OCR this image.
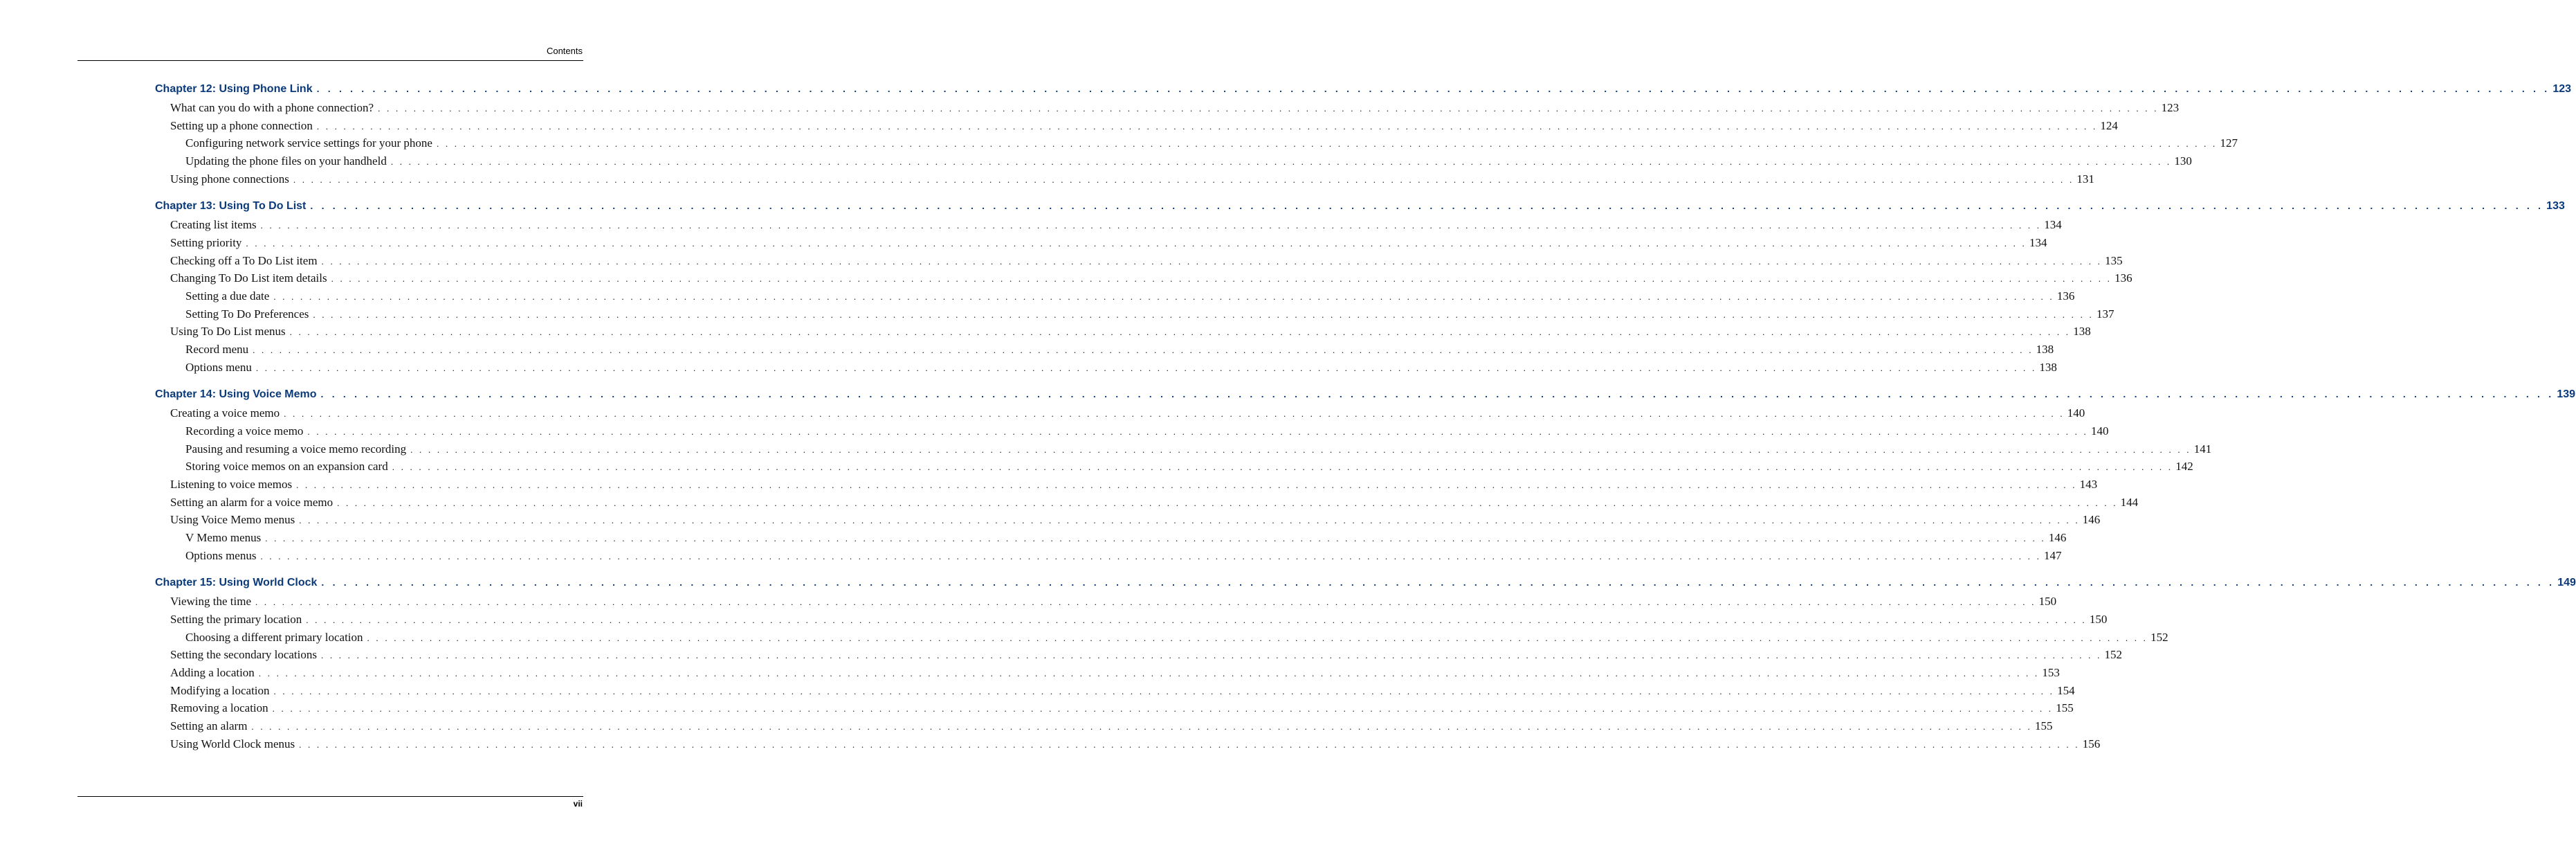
Contents
Chapter 12: Using Phone Link . . . . . . . . . . . . . . . . . . . . . . . . . . . . . . . . . . . . . . . . . . . . . . . . . . . . . . . . . . . . . . . . . . . . . . . . . . . . . . . . . . . . . . . . . . . . . . . . . . . . . . . . . . . . . . . . . . . . . . . . . . . . . . . . . . . . . . . . . . . . . . . . . . . . . . . . . . . . . . . . . . . . . . . . . . . . . . . . . . . . . . . . . . . . . . . . . . . . . . . . 123
What can you do with a phone connection? . . . . . . . . . . . . . . . . . . . . . . . . . . . . . . . . . . . . . . . . . . . . . . . . . . . . . . . . . . . . . . . . . . . . . . . . . . . . . . . . . . . . . . . . . . . . . . . . . . . . . . . . . . . . . . . . . . . . . . . . . . . . . . . . . . . . . . . . . . . . . . . . . . . . . . . . . . . . . . . . . . . . . . . . . . . . . . . . . . . . . . . . . . . . . . . . . . . . . . . . 123
Setting up a phone connection . . . . . . . . . . . . . . . . . . . . . . . . . . . . . . . . . . . . . . . . . . . . . . . . . . . . . . . . . . . . . . . . . . . . . . . . . . . . . . . . . . . . . . . . . . . . . . . . . . . . . . . . . . . . . . . . . . . . . . . . . . . . . . . . . . . . . . . . . . . . . . . . . . . . . . . . . . . . . . . . . . . . . . . . . . . . . . . . . . . . . . . . . . . . . . . . . . . . . . . . 124
Configuring network service settings for your phone . . . . . . . . . . . . . . . . . . . . . . . . . . . . . . . . . . . . . . . . . . . . . . . . . . . . . . . . . . . . . . . . . . . . . . . . . . . . . . . . . . . . . . . . . . . . . . . . . . . . . . . . . . . . . . . . . . . . . . . . . . . . . . . . . . . . . . . . . . . . . . . . . . . . . . . . . . . . . . . . . . . . . . . . . . . . . . . . . . . . . . . . . . . . . . . . . . . . . . . . 127
Updating the phone files on your handheld . . . . . . . . . . . . . . . . . . . . . . . . . . . . . . . . . . . . . . . . . . . . . . . . . . . . . . . . . . . . . . . . . . . . . . . . . . . . . . . . . . . . . . . . . . . . . . . . . . . . . . . . . . . . . . . . . . . . . . . . . . . . . . . . . . . . . . . . . . . . . . . . . . . . . . . . . . . . . . . . . . . . . . . . . . . . . . . . . . . . . . . . . . . . . . . . . . . . . . . . 130
Using phone connections . . . . . . . . . . . . . . . . . . . . . . . . . . . . . . . . . . . . . . . . . . . . . . . . . . . . . . . . . . . . . . . . . . . . . . . . . . . . . . . . . . . . . . . . . . . . . . . . . . . . . . . . . . . . . . . . . . . . . . . . . . . . . . . . . . . . . . . . . . . . . . . . . . . . . . . . . . . . . . . . . . . . . . . . . . . . . . . . . . . . . . . . . . . . . . . . . . . . . . . . 131
Chapter 13: Using To Do List . . . . . . . . . . . . . . . . . . . . . . . . . . . . . . . . . . . . . . . . . . . . . . . . . . . . . . . . . . . . . . . . . . . . . . . . . . . . . . . . . . . . . . . . . . . . . . . . . . . . . . . . . . . . . . . . . . . . . . . . . . . . . . . . . . . . . . . . . . . . . . . . . . . . . . . . . . . . . . . . . . . . . . . . . . . . . . . . . . . . . . . . . . . . . . . . . . . . . . . . 133
Creating list items . . . . . . . . . . . . . . . . . . . . . . . . . . . . . . . . . . . . . . . . . . . . . . . . . . . . . . . . . . . . . . . . . . . . . . . . . . . . . . . . . . . . . . . . . . . . . . . . . . . . . . . . . . . . . . . . . . . . . . . . . . . . . . . . . . . . . . . . . . . . . . . . . . . . . . . . . . . . . . . . . . . . . . . . . . . . . . . . . . . . . . . . . . . . . . . . . . . . . . . . 134
Setting priority . . . . . . . . . . . . . . . . . . . . . . . . . . . . . . . . . . . . . . . . . . . . . . . . . . . . . . . . . . . . . . . . . . . . . . . . . . . . . . . . . . . . . . . . . . . . . . . . . . . . . . . . . . . . . . . . . . . . . . . . . . . . . . . . . . . . . . . . . . . . . . . . . . . . . . . . . . . . . . . . . . . . . . . . . . . . . . . . . . . . . . . . . . . . . . . . . . . . . . . . 134
Checking off a To Do List item . . . . . . . . . . . . . . . . . . . . . . . . . . . . . . . . . . . . . . . . . . . . . . . . . . . . . . . . . . . . . . . . . . . . . . . . . . . . . . . . . . . . . . . . . . . . . . . . . . . . . . . . . . . . . . . . . . . . . . . . . . . . . . . . . . . . . . . . . . . . . . . . . . . . . . . . . . . . . . . . . . . . . . . . . . . . . . . . . . . . . . . . . . . . . . . . . . . . . . . . 135
Changing To Do List item details . . . . . . . . . . . . . . . . . . . . . . . . . . . . . . . . . . . . . . . . . . . . . . . . . . . . . . . . . . . . . . . . . . . . . . . . . . . . . . . . . . . . . . . . . . . . . . . . . . . . . . . . . . . . . . . . . . . . . . . . . . . . . . . . . . . . . . . . . . . . . . . . . . . . . . . . . . . . . . . . . . . . . . . . . . . . . . . . . . . . . . . . . . . . . . . . . . . . . . . . 136
Setting a due date . . . . . . . . . . . . . . . . . . . . . . . . . . . . . . . . . . . . . . . . . . . . . . . . . . . . . . . . . . . . . . . . . . . . . . . . . . . . . . . . . . . . . . . . . . . . . . . . . . . . . . . . . . . . . . . . . . . . . . . . . . . . . . . . . . . . . . . . . . . . . . . . . . . . . . . . . . . . . . . . . . . . . . . . . . . . . . . . . . . . . . . . . . . . . . . . . . . . . . . . 136
Setting To Do Preferences . . . . . . . . . . . . . . . . . . . . . . . . . . . . . . . . . . . . . . . . . . . . . . . . . . . . . . . . . . . . . . . . . . . . . . . . . . . . . . . . . . . . . . . . . . . . . . . . . . . . . . . . . . . . . . . . . . . . . . . . . . . . . . . . . . . . . . . . . . . . . . . . . . . . . . . . . . . . . . . . . . . . . . . . . . . . . . . . . . . . . . . . . . . . . . . . . . . . . . . . 137
Using To Do List menus . . . . . . . . . . . . . . . . . . . . . . . . . . . . . . . . . . . . . . . . . . . . . . . . . . . . . . . . . . . . . . . . . . . . . . . . . . . . . . . . . . . . . . . . . . . . . . . . . . . . . . . . . . . . . . . . . . . . . . . . . . . . . . . . . . . . . . . . . . . . . . . . . . . . . . . . . . . . . . . . . . . . . . . . . . . . . . . . . . . . . . . . . . . . . . . . . . . . . . . . 138
Record menu . . . . . . . . . . . . . . . . . . . . . . . . . . . . . . . . . . . . . . . . . . . . . . . . . . . . . . . . . . . . . . . . . . . . . . . . . . . . . . . . . . . . . . . . . . . . . . . . . . . . . . . . . . . . . . . . . . . . . . . . . . . . . . . . . . . . . . . . . . . . . . . . . . . . . . . . . . . . . . . . . . . . . . . . . . . . . . . . . . . . . . . . . . . . . . . . . . . . . . . . 138
Options menu . . . . . . . . . . . . . . . . . . . . . . . . . . . . . . . . . . . . . . . . . . . . . . . . . . . . . . . . . . . . . . . . . . . . . . . . . . . . . . . . . . . . . . . . . . . . . . . . . . . . . . . . . . . . . . . . . . . . . . . . . . . . . . . . . . . . . . . . . . . . . . . . . . . . . . . . . . . . . . . . . . . . . . . . . . . . . . . . . . . . . . . . . . . . . . . . . . . . . . . . 138
Chapter 14: Using Voice Memo . . . . . . . . . . . . . . . . . . . . . . . . . . . . . . . . . . . . . . . . . . . . . . . . . . . . . . . . . . . . . . . . . . . . . . . . . . . . . . . . . . . . . . . . . . . . . . . . . . . . . . . . . . . . . . . . . . . . . . . . . . . . . . . . . . . . . . . . . . . . . . . . . . . . . . . . . . . . . . . . . . . . . . . . . . . . . . . . . . . . . . . . . . . . . . . . . . . . . . . . 139
Creating a voice memo . . . . . . . . . . . . . . . . . . . . . . . . . . . . . . . . . . . . . . . . . . . . . . . . . . . . . . . . . . . . . . . . . . . . . . . . . . . . . . . . . . . . . . . . . . . . . . . . . . . . . . . . . . . . . . . . . . . . . . . . . . . . . . . . . . . . . . . . . . . . . . . . . . . . . . . . . . . . . . . . . . . . . . . . . . . . . . . . . . . . . . . . . . . . . . . . . . . . . . . . 140
Recording a voice memo . . . . . . . . . . . . . . . . . . . . . . . . . . . . . . . . . . . . . . . . . . . . . . . . . . . . . . . . . . . . . . . . . . . . . . . . . . . . . . . . . . . . . . . . . . . . . . . . . . . . . . . . . . . . . . . . . . . . . . . . . . . . . . . . . . . . . . . . . . . . . . . . . . . . . . . . . . . . . . . . . . . . . . . . . . . . . . . . . . . . . . . . . . . . . . . . . . . . . . . . 140
Pausing and resuming a voice memo recording . . . . . . . . . . . . . . . . . . . . . . . . . . . . . . . . . . . . . . . . . . . . . . . . . . . . . . . . . . . . . . . . . . . . . . . . . . . . . . . . . . . . . . . . . . . . . . . . . . . . . . . . . . . . . . . . . . . . . . . . . . . . . . . . . . . . . . . . . . . . . . . . . . . . . . . . . . . . . . . . . . . . . . . . . . . . . . . . . . . . . . . . . . . . . . . . . . . . . . . . 141
Storing voice memos on an expansion card . . . . . . . . . . . . . . . . . . . . . . . . . . . . . . . . . . . . . . . . . . . . . . . . . . . . . . . . . . . . . . . . . . . . . . . . . . . . . . . . . . . . . . . . . . . . . . . . . . . . . . . . . . . . . . . . . . . . . . . . . . . . . . . . . . . . . . . . . . . . . . . . . . . . . . . . . . . . . . . . . . . . . . . . . . . . . . . . . . . . . . . . . . . . . . . . . . . . . . . . 142
Listening to voice memos . . . . . . . . . . . . . . . . . . . . . . . . . . . . . . . . . . . . . . . . . . . . . . . . . . . . . . . . . . . . . . . . . . . . . . . . . . . . . . . . . . . . . . . . . . . . . . . . . . . . . . . . . . . . . . . . . . . . . . . . . . . . . . . . . . . . . . . . . . . . . . . . . . . . . . . . . . . . . . . . . . . . . . . . . . . . . . . . . . . . . . . . . . . . . . . . . . . . . . . . 143
Setting an alarm for a voice memo . . . . . . . . . . . . . . . . . . . . . . . . . . . . . . . . . . . . . . . . . . . . . . . . . . . . . . . . . . . . . . . . . . . . . . . . . . . . . . . . . . . . . . . . . . . . . . . . . . . . . . . . . . . . . . . . . . . . . . . . . . . . . . . . . . . . . . . . . . . . . . . . . . . . . . . . . . . . . . . . . . . . . . . . . . . . . . . . . . . . . . . . . . . . . . . . . . . . . . . . 144
Using Voice Memo menus . . . . . . . . . . . . . . . . . . . . . . . . . . . . . . . . . . . . . . . . . . . . . . . . . . . . . . . . . . . . . . . . . . . . . . . . . . . . . . . . . . . . . . . . . . . . . . . . . . . . . . . . . . . . . . . . . . . . . . . . . . . . . . . . . . . . . . . . . . . . . . . . . . . . . . . . . . . . . . . . . . . . . . . . . . . . . . . . . . . . . . . . . . . . . . . . . . . . . . . . 146
V Memo menus . . . . . . . . . . . . . . . . . . . . . . . . . . . . . . . . . . . . . . . . . . . . . . . . . . . . . . . . . . . . . . . . . . . . . . . . . . . . . . . . . . . . . . . . . . . . . . . . . . . . . . . . . . . . . . . . . . . . . . . . . . . . . . . . . . . . . . . . . . . . . . . . . . . . . . . . . . . . . . . . . . . . . . . . . . . . . . . . . . . . . . . . . . . . . . . . . . . . . . . . 146
Options menus . . . . . . . . . . . . . . . . . . . . . . . . . . . . . . . . . . . . . . . . . . . . . . . . . . . . . . . . . . . . . . . . . . . . . . . . . . . . . . . . . . . . . . . . . . . . . . . . . . . . . . . . . . . . . . . . . . . . . . . . . . . . . . . . . . . . . . . . . . . . . . . . . . . . . . . . . . . . . . . . . . . . . . . . . . . . . . . . . . . . . . . . . . . . . . . . . . . . . . . . 147
Chapter 15: Using World Clock . . . . . . . . . . . . . . . . . . . . . . . . . . . . . . . . . . . . . . . . . . . . . . . . . . . . . . . . . . . . . . . . . . . . . . . . . . . . . . . . . . . . . . . . . . . . . . . . . . . . . . . . . . . . . . . . . . . . . . . . . . . . . . . . . . . . . . . . . . . . . . . . . . . . . . . . . . . . . . . . . . . . . . . . . . . . . . . . . . . . . . . . . . . . . . . . . . . . . . . . 149
Viewing the time . . . . . . . . . . . . . . . . . . . . . . . . . . . . . . . . . . . . . . . . . . . . . . . . . . . . . . . . . . . . . . . . . . . . . . . . . . . . . . . . . . . . . . . . . . . . . . . . . . . . . . . . . . . . . . . . . . . . . . . . . . . . . . . . . . . . . . . . . . . . . . . . . . . . . . . . . . . . . . . . . . . . . . . . . . . . . . . . . . . . . . . . . . . . . . . . . . . . . . . . 150
Setting the primary location . . . . . . . . . . . . . . . . . . . . . . . . . . . . . . . . . . . . . . . . . . . . . . . . . . . . . . . . . . . . . . . . . . . . . . . . . . . . . . . . . . . . . . . . . . . . . . . . . . . . . . . . . . . . . . . . . . . . . . . . . . . . . . . . . . . . . . . . . . . . . . . . . . . . . . . . . . . . . . . . . . . . . . . . . . . . . . . . . . . . . . . . . . . . . . . . . . . . . . . . 150
Choosing a different primary location . . . . . . . . . . . . . . . . . . . . . . . . . . . . . . . . . . . . . . . . . . . . . . . . . . . . . . . . . . . . . . . . . . . . . . . . . . . . . . . . . . . . . . . . . . . . . . . . . . . . . . . . . . . . . . . . . . . . . . . . . . . . . . . . . . . . . . . . . . . . . . . . . . . . . . . . . . . . . . . . . . . . . . . . . . . . . . . . . . . . . . . . . . . . . . . . . . . . . . . . 152
Setting the secondary locations . . . . . . . . . . . . . . . . . . . . . . . . . . . . . . . . . . . . . . . . . . . . . . . . . . . . . . . . . . . . . . . . . . . . . . . . . . . . . . . . . . . . . . . . . . . . . . . . . . . . . . . . . . . . . . . . . . . . . . . . . . . . . . . . . . . . . . . . . . . . . . . . . . . . . . . . . . . . . . . . . . . . . . . . . . . . . . . . . . . . . . . . . . . . . . . . . . . . . . . . 152
Adding a location . . . . . . . . . . . . . . . . . . . . . . . . . . . . . . . . . . . . . . . . . . . . . . . . . . . . . . . . . . . . . . . . . . . . . . . . . . . . . . . . . . . . . . . . . . . . . . . . . . . . . . . . . . . . . . . . . . . . . . . . . . . . . . . . . . . . . . . . . . . . . . . . . . . . . . . . . . . . . . . . . . . . . . . . . . . . . . . . . . . . . . . . . . . . . . . . . . . . . . . . 153
Modifying a location . . . . . . . . . . . . . . . . . . . . . . . . . . . . . . . . . . . . . . . . . . . . . . . . . . . . . . . . . . . . . . . . . . . . . . . . . . . . . . . . . . . . . . . . . . . . . . . . . . . . . . . . . . . . . . . . . . . . . . . . . . . . . . . . . . . . . . . . . . . . . . . . . . . . . . . . . . . . . . . . . . . . . . . . . . . . . . . . . . . . . . . . . . . . . . . . . . . . . . . . 154
Removing a location . . . . . . . . . . . . . . . . . . . . . . . . . . . . . . . . . . . . . . . . . . . . . . . . . . . . . . . . . . . . . . . . . . . . . . . . . . . . . . . . . . . . . . . . . . . . . . . . . . . . . . . . . . . . . . . . . . . . . . . . . . . . . . . . . . . . . . . . . . . . . . . . . . . . . . . . . . . . . . . . . . . . . . . . . . . . . . . . . . . . . . . . . . . . . . . . . . . . . . . . 155
Setting an alarm . . . . . . . . . . . . . . . . . . . . . . . . . . . . . . . . . . . . . . . . . . . . . . . . . . . . . . . . . . . . . . . . . . . . . . . . . . . . . . . . . . . . . . . . . . . . . . . . . . . . . . . . . . . . . . . . . . . . . . . . . . . . . . . . . . . . . . . . . . . . . . . . . . . . . . . . . . . . . . . . . . . . . . . . . . . . . . . . . . . . . . . . . . . . . . . . . . . . . . . . 155
Using World Clock menus . . . . . . . . . . . . . . . . . . . . . . . . . . . . . . . . . . . . . . . . . . . . . . . . . . . . . . . . . . . . . . . . . . . . . . . . . . . . . . . . . . . . . . . . . . . . . . . . . . . . . . . . . . . . . . . . . . . . . . . . . . . . . . . . . . . . . . . . . . . . . . . . . . . . . . . . . . . . . . . . . . . . . . . . . . . . . . . . . . . . . . . . . . . . . . . . . . . . . . . . 156
vii
